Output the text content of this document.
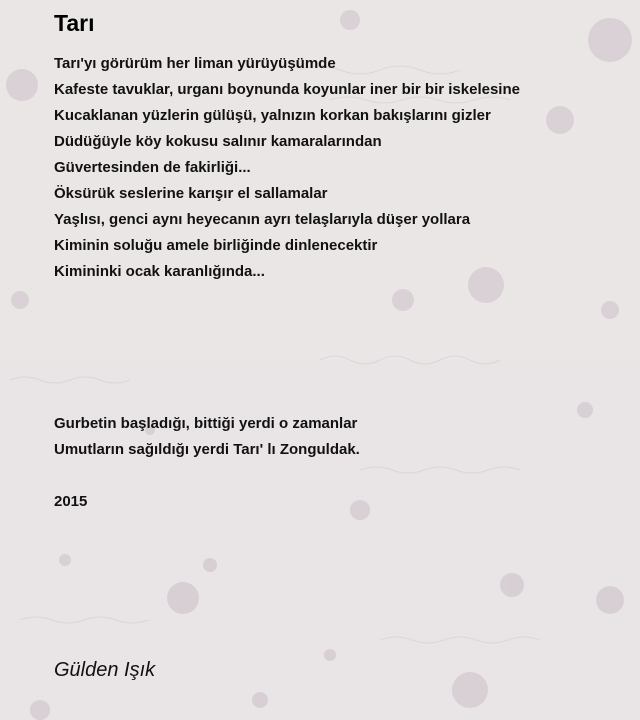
Tarı
Tarı'yı görürüm her liman yürüyüşümde
Kafeste tavuklar, urganı boynunda koyunlar iner bir bir iskelesine
Kucaklanan yüzlerin gülüşü, yalnızın korkan bakışlarını gizler
Düdüğüyle köy kokusu salınır kamaralarından
Güvertesinden de fakirliği...
Öksürük seslerine karışır el sallamalar
Yaşlısı, genci aynı heyecanın ayrı telaşlarıyla düşer yollara
Kiminin soluğu amele birliğinde dinlenecektir
Kimininki ocak karanlığında...
Gurbetin başladığı, bittiği yerdi o zamanlar
Umutların sağıldığı yerdi Tarı' lı Zonguldak.
2015
Gülden Işık
